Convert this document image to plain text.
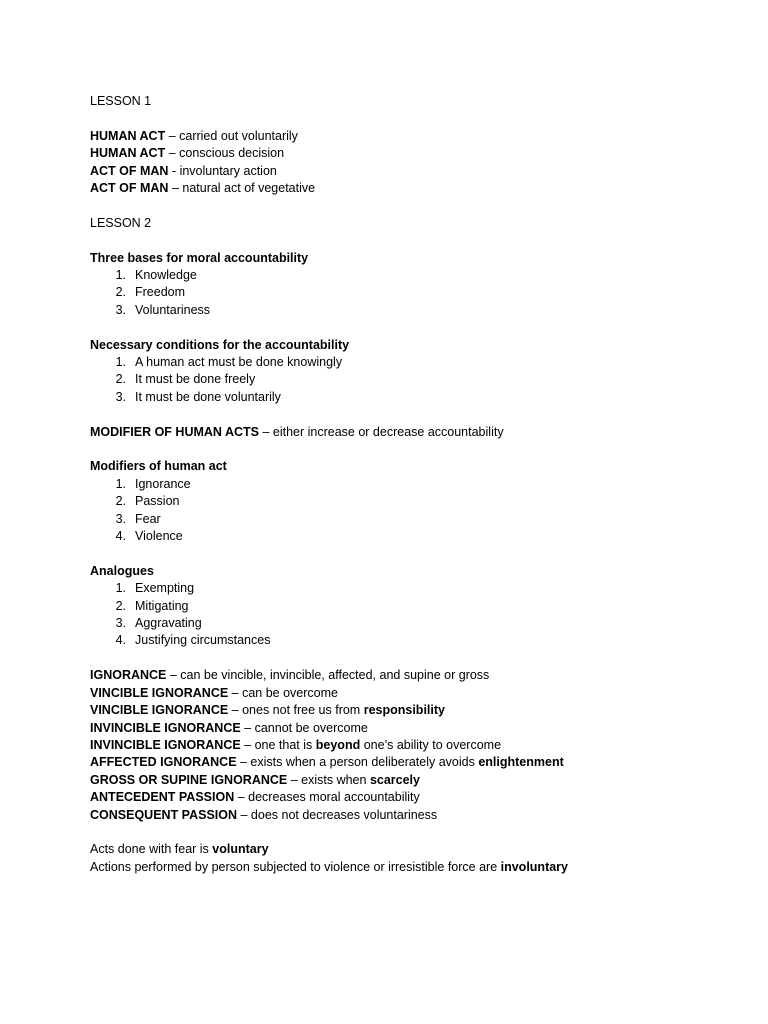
LESSON 1

HUMAN ACT – carried out voluntarily

HUMAN ACT – conscious decision

ACT OF MAN - involuntary action

ACT OF MAN – natural act of vegetative

LESSON 2

Three bases for moral accountability

1. Knowledge
2. Freedom
3. Voluntariness

Necessary conditions for the accountability

1. A human act must be done knowingly
2. It must be done freely
3. It must be done voluntarily

MODIFIER OF HUMAN ACTS – either increase or decrease accountability

Modifiers of human act

1. Ignorance
2. Passion
3. Fear
4. Violence

Analogues

1. Exempting
2. Mitigating
3. Aggravating
4. Justifying circumstances

IGNORANCE – can be vincible, invincible, affected, and supine or gross

VINCIBLE IGNORANCE – can be overcome

VINCIBLE IGNORANCE – ones not free us from responsibility

INVINCIBLE IGNORANCE – cannot be overcome

INVINCIBLE IGNORANCE – one that is beyond one’s ability to overcome

AFFECTED IGNORANCE – exists when a person deliberately avoids enlightenment

GROSS OR SUPINE IGNORANCE – exists when scarcely

ANTECEDENT PASSION – decreases moral accountability

CONSEQUENT PASSION – does not decreases voluntariness

Acts done with fear is voluntary

Actions performed by person subjected to violence or irresistible force are involuntary
